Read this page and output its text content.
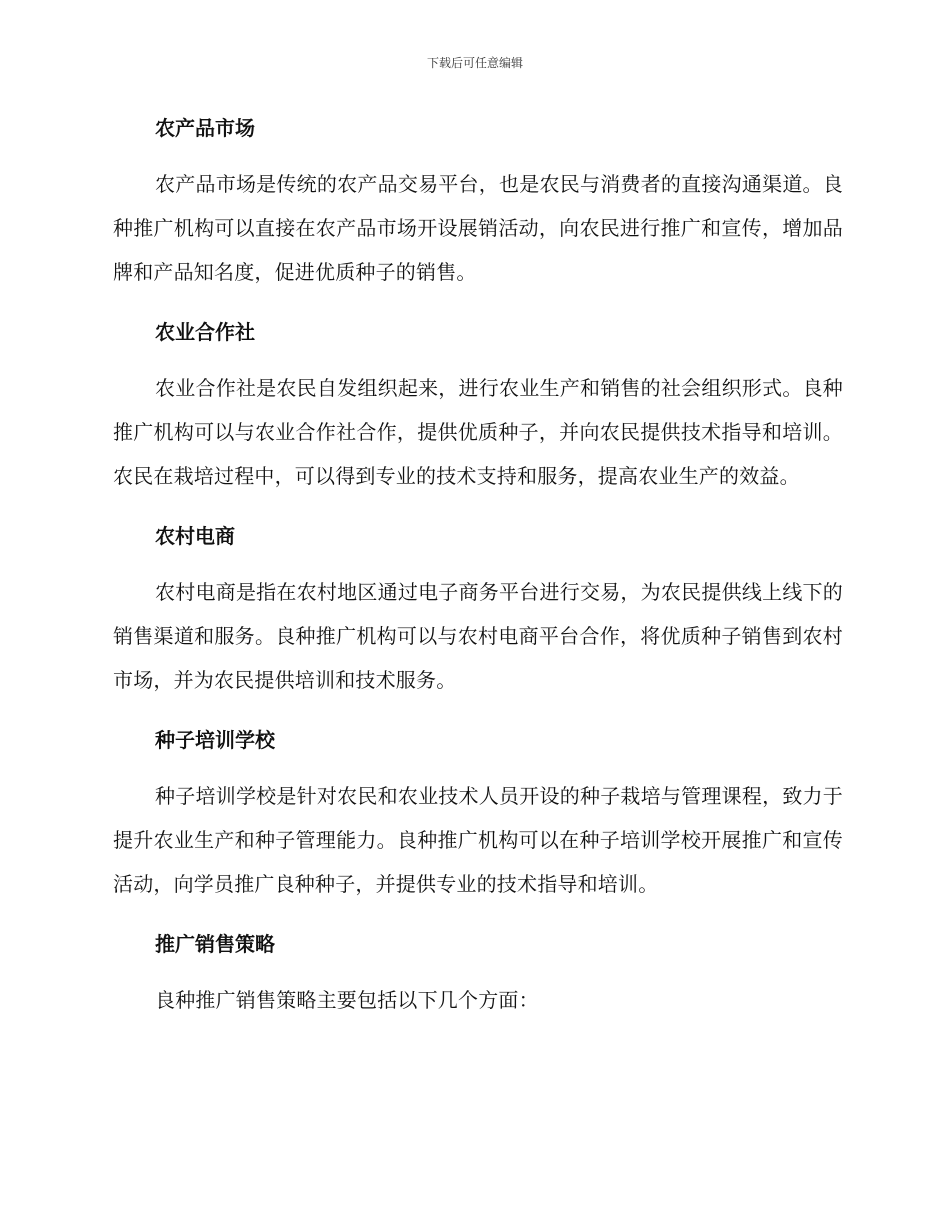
下载后可任意编辑
农产品市场

农产品市场是传统的农产品交易平台，也是农民与消费者的直接沟通渠道。良种推广机构可以直接在农产品市场开设展销活动，向农民进行推广和宣传，增加品牌和产品知名度，促进优质种子的销售。

农业合作社

农业合作社是农民自发组织起来，进行农业生产和销售的社会组织形式。良种推广机构可以与农业合作社合作，提供优质种子，并向农民提供技术指导和培训。农民在栽培过程中，可以得到专业的技术支持和服务，提高农业生产的效益。

农村电商

农村电商是指在农村地区通过电子商务平台进行交易，为农民提供线上线下的销售渠道和服务。良种推广机构可以与农村电商平台合作，将优质种子销售到农村市场，并为农民提供培训和技术服务。

种子培训学校

种子培训学校是针对农民和农业技术人员开设的种子栽培与管理课程，致力于提升农业生产和种子管理能力。良种推广机构可以在种子培训学校开展推广和宣传活动，向学员推广良种种子，并提供专业的技术指导和培训。

推广销售策略

良种推广销售策略主要包括以下几个方面：
